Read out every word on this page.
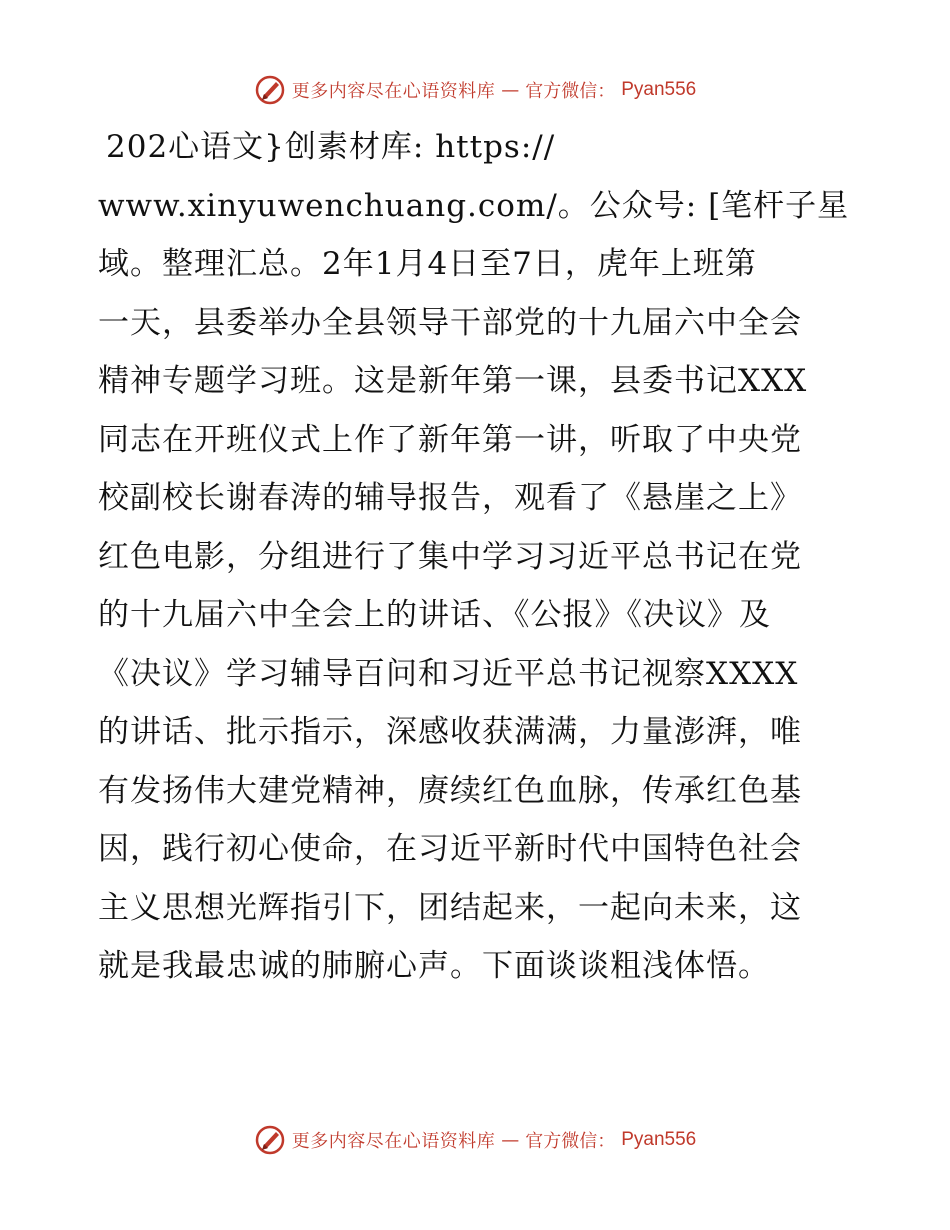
更多内容尽在心语资料库 — 官方微信： Pyan556
202心语文}创素材库: https://
www.xinyuwenchuang.com/。公众号: [笔杆子星
域。整理汇总。2年1月4日至7日，虎年上班第
一天，县委举办全县领导干部党的十九届六中全会
精神专题学习班。这是新年第一课，县委书记XXX
同志在开班仪式上作了新年第一讲，听取了中央党
校副校长谢春涛的辅导报告，观看了《悬崖之上》
红色电影，分组进行了集中学习习近平总书记在党
的十九届六中全会上的讲话、《公报》《决议》及
《决议》学习辅导百问和习近平总书记视察XXXX
的讲话、批示指示，深感收获满满，力量澎湃，唯
有发扬伟大建党精神，赓续红色血脉，传承红色基
因，践行初心使命，在习近平新时代中国特色社会
主义思想光辉指引下，团结起来，一起向未来，这
就是我最忠诚的肺腑心声。下面谈谈粗浅体悟。
更多内容尽在心语资料库 — 官方微信： Pyan556
